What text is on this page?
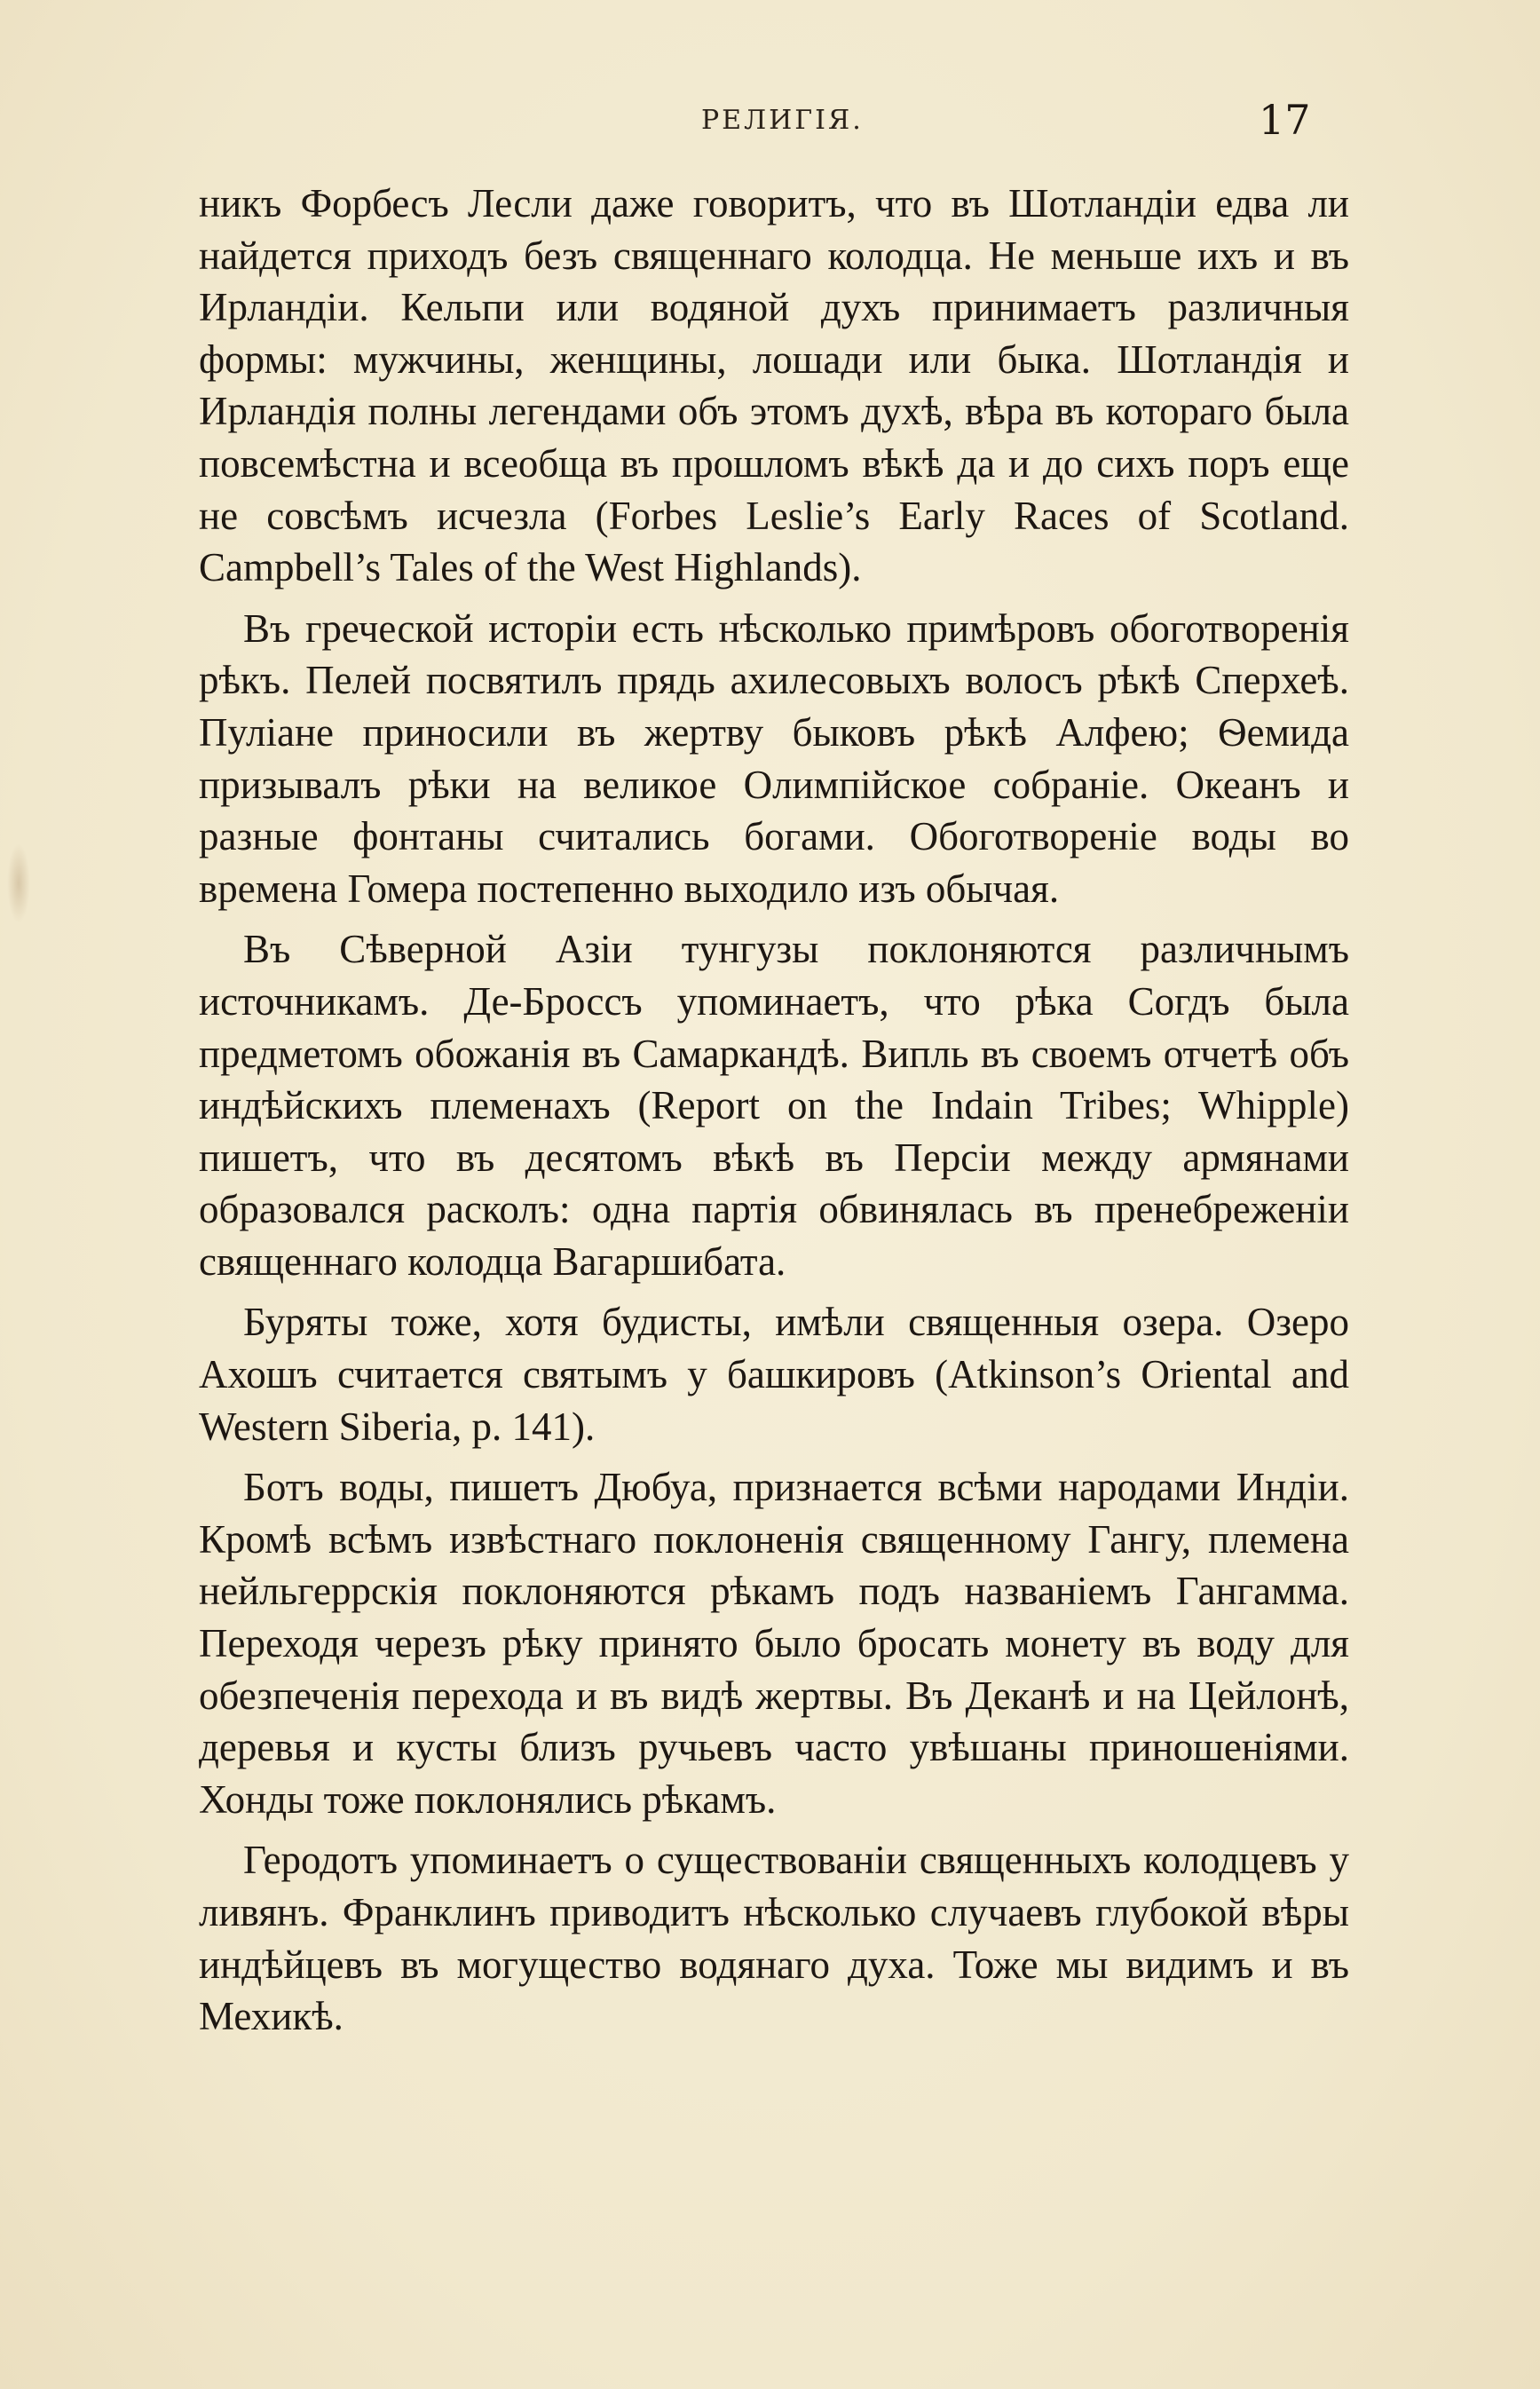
РЕЛИГІЯ.	17

никъ Форбесъ Лесли даже говоритъ, что въ Шотландіи едва ли найдется приходъ безъ священнаго колодца. Не меньше ихъ и въ Ирландіи. Кельпи или водяной духъ принимаетъ различныя формы: мужчины, женщины, лошади или быка. Шотландія и Ирландія полны легендами объ этомъ духѣ, вѣра въ котораго была повсемѣстна и всеобща въ прошломъ вѣкѣ да и до сихъ поръ еще не совсѣмъ исчезла (Forbes Leslie’s Early Races of Scotland. Campbell’s Tales of the West Highlands).

Въ греческой исторіи есть нѣсколько примѣровъ обоготворенія рѣкъ. Пелей посвятилъ прядь ахилесовыхъ волосъ рѣкѣ Сперхеѣ. Пуліане приносили въ жертву быковъ рѣкѣ Алфею; Ѳемида призывалъ рѣки на великое Олимпійское собраніе. Океанъ и разные фонтаны считались богами. Обоготвореніе воды во времена Гомера постепенно выходило изъ обычая.

Въ Сѣверной Азіи тунгузы поклоняются различнымъ источникамъ. Де-Броссъ упоминаетъ, что рѣка Согдъ была предметомъ обожанія въ Самаркандѣ. Випль въ своемъ отчетѣ объ индѣйскихъ племенахъ (Report on the Indain Tribes; Whipple) пишетъ, что въ десятомъ вѣкѣ въ Персіи между армянами образовался расколъ: одна партія обвинялась въ пренебреженіи священнаго колодца Вагаршибата.

Буряты тоже, хотя будисты, имѣли священныя озера. Озеро Ахошъ считается святымъ у башкировъ (Atkinson’s Oriental and Western Siberia, p. 141).

Ботъ воды, пишетъ Дюбуа, признается всѣми народами Индіи. Кромѣ всѣмъ извѣстнаго поклоненія священному Гангу, племена нейльгеррскія поклоняются рѣкамъ подъ названіемъ Гангамма. Переходя черезъ рѣку принято было бросать монету въ воду для обезпеченія перехода и въ видѣ жертвы. Въ Деканѣ и на Цейлонѣ, деревья и кусты близъ ручьевъ часто увѣшаны приношеніями. Хонды тоже поклонялись рѣкамъ.

Геродотъ упоминаетъ о существованіи священныхъ колодцевъ у ливянъ. Франклинъ приводитъ нѣсколько случаевъ глубокой вѣры индѣйцевъ въ могущество водянаго духа. Тоже мы видимъ и въ Мехикѣ.
